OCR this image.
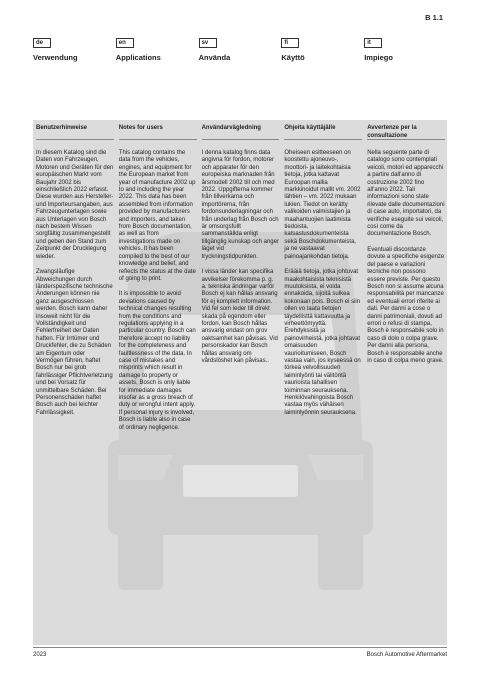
B 1.1
de
Verwendung
en
Applications
sv
Använda
fi
Käyttö
it
Impiego
Benutzerhinweise

In diesem Katalog sind die Daten von Fahrzeugen, Motoren und Geräten für den europäischen Markt vom Baujahr 2002 bis einschließlich 2022 erfasst. Diese wurden aus Hersteller- und Importeursangaben, aus Fahrzeugunterlagen sowie aus Unterlagen von Bosch nach bestem Wissen sorgfältig zusammengestellt und geben den Stand zum Zeitpunkt der Drucklegung wieder.

Zwangsläufige Abweichungen durch länderspezifische technische Änderungen können nie ganz ausgeschlossen werden. Bosch kann daher insoweit nicht für die Vollständigkeit und Fehlerfreiheit der Daten haften. Für Irrtümer und Druckfehler, die zu Schäden am Eigentum oder Vermögen führen, haftet Bosch nur bei grob fahrlässiger Pflichtverletzung und bei Vorsatz für unmittelbare Schäden. Bei Personenschäden haftet Bosch auch bei leichter Fahrlässigkeit.

Notes for users

This catalog contains the data from the vehicles, engines, and equipment for the European market from year of manufacture 2002 up to and including the year 2022. This data has been assembled from information provided by manufacturers and importers, and taken from Bosch documentation, as well as from investigations made on vehicles. It has been compiled to the best of our knowledge and belief, and reflects the status at the date of going to print.

It is impossible to avoid deviations caused by technical changes resulting from the conditions and regulations applying in a particular country. Bosch can therefore accept no liability for the completeness and faultlessness of the data. In case of mistakes and misprints which result in damage to property or assets, Bosch is only liable for immediate damages insofar as a gross breach of duty or wrongful intent apply. If personal injury is involved, Bosch is liable also in case of ordinary negligence.

Användarvägledning

I denna katalog finns data angivna för fordon, motorer och apparater för den europeiska marknaden från årsmodell 2002 till och med 2022. Uppgifterna kommer från tillverkarna och importörerna, från fordonsunderlagningar och från underlag från Bosch och är omsorgsfullt sammanställda enligt tillgänglig kunskap och anger läget vid tryckningstidpunkten.

I vissa länder kan specifika avvikelser förekomma p. g. a. tekniska ändringar varför Bosch ej kan hållas ansvarig för ej komplett information. Vid fel som leder till direkt skada på egendom eller fordon, kan Bosch hållas ansvarig endast om grov oaktsamhet kan påvisas. Vid personskador kan Bosch hållas ansvarig om vårdslöshet kan påvisas..

Ohjeita käyttäjälle

Oheiseen esitteeseen on koostettu ajoneuvo-, moottori- ja laitekohtaisia tietoja, jotka kattavat Euroopan mallia markkinoidut mallit vm. 2002 lähtien – vm. 2022 mukaan lukien. Tiedot on kerätty valikoiden valmistajien ja maahantuojien laatimista tiedoista, katsastusdokumenteista sekä Boschdokumenteista, ja ne vastaavat painoajankohdan tietoja.

Erääiä tietoja, jotka johtuvat maakohtaisista teknisistä muutoksista, ei voida ennakoida, sijoitä sulkea kokonaan pois. Bosch ei siin ollen vo taata tietojen täydellisttä kattavuutta ja virheettömyyttä. Erehdyksistä ja painovirheistä, jotka johtavat omaisuuden vaurioitumiseen, Bosch vastaa vain, jos kyseessä on törkeä velvollisuuden laiminlyönti tai välitöntä vaurioista tahallisen toiminnan seurauksena. Henkilövahingoista Bosch vastaa myös vähäisen laiminlyönnin seurauksena.

Avvertenze per la consultazione

Nella seguente parte di catalogo sono contemplati veicoli, motori ed apparecchi a partire dall'anno di costruzione 2002 fino all'anno 2022. Tali informazioni sono state rilevate dalle documentazioni di case auto, importatori, da verifiche eseguite sui veicoli, così come da documentazione Bosch.

Eventuali discordanze dovute a specifiche esigenze del paese e variazioni tecniche non possono essere previste. Per questo Bosch non si assume alcuna responsabilità per mancanze ed eventuali errori riferite ai dati. Per danni a cose o danni patrimoniali, dovuti ad errori o refusi di stampa, Bosch è responsabile solo in caso di dolo o colpa grave. Per danni alla persona, Bosch è responsabile anche in caso di colpa meno grave.

2023	Bosch Automotive Aftermarket
